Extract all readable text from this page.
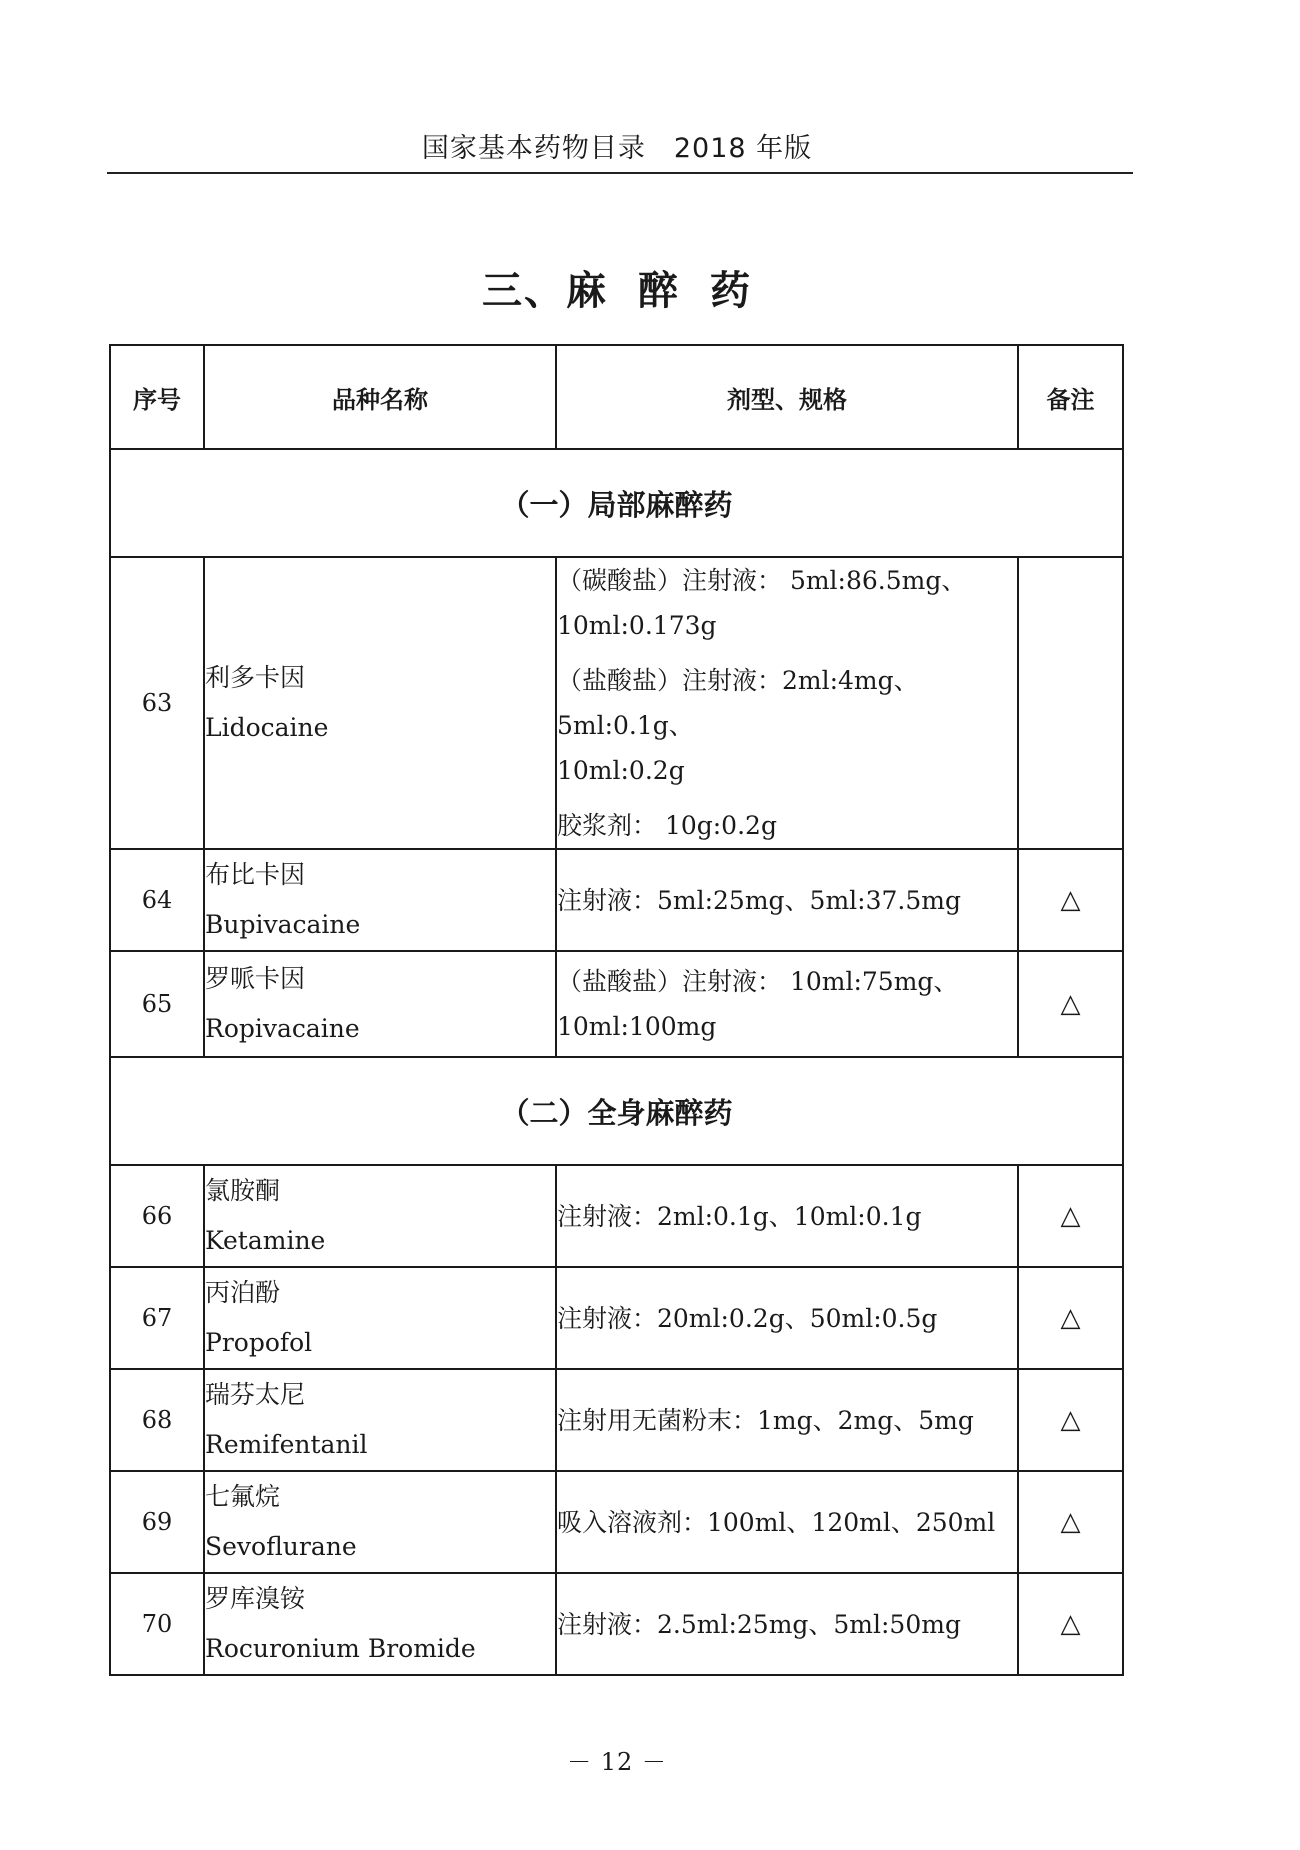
国家基本药物目录 2018 年版
三、麻 醉 药
序号	品种名称	剂型、规格	备注
（一）局部麻醉药			
63	利多卡因
Lidocaine	（碳酸盐）注射液： 5ml:86.5mg、
10ml:0.173g
（盐酸盐）注射液：2ml:4mg、5ml:0.1g、
10ml:0.2g
胶浆剂： 10g:0.2g	

64	布比卡因
Bupivacaine	注射液：5ml:25mg、5ml:37.5mg	△
65	罗哌卡因
Ropivacaine	（盐酸盐）注射液： 10ml:75mg、
10ml:100mg	△
（二）全身麻醉药			
66	氯胺酮
Ketamine	注射液：2ml:0.1g、10ml:0.1g	△
67	丙泊酚
Propofol	注射液：20ml:0.2g、50ml:0.5g	△
68	瑞芬太尼
Remifentanil	注射用无菌粉末：1mg、2mg、5mg	△
69	七氟烷
Sevoflurane	吸入溶液剂：100ml、120ml、250ml	△
70	罗库溴铵
Rocuronium Bromide	注射液：2.5ml:25mg、5ml:50mg	△
－ 12 －
